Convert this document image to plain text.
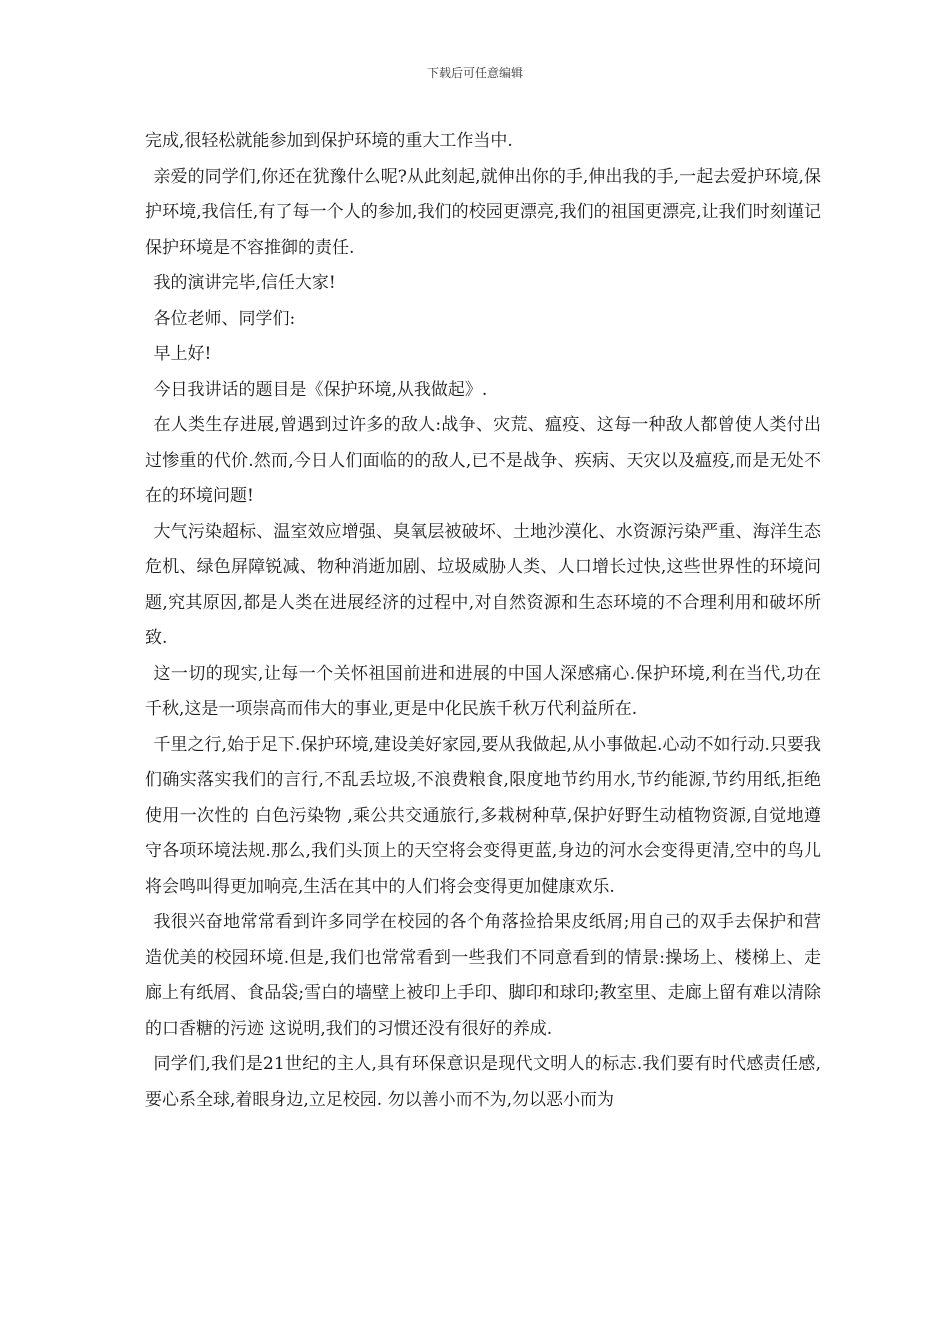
下载后可任意编辑

完成,很轻松就能参加到保护环境的重大工作当中.

亲爱的同学们,你还在犹豫什么呢?从此刻起,就伸出你的手,伸出我的手,一起去爱护环境,保护环境,我信任,有了每一个人的参加,我们的校园更漂亮,我们的祖国更漂亮,让我们时刻谨记保护环境是不容推御的责任.

我的演讲完毕,信任大家!

各位老师、同学们:

早上好!

今日我讲话的题目是《保护环境,从我做起》.

在人类生存进展,曾遇到过许多的敌人:战争、灾荒、瘟疫、这每一种敌人都曾使人类付出过惨重的代价.然而,今日人们面临的的敌人,已不是战争、疾病、天灾以及瘟疫,而是无处不在的环境问题!

大气污染超标、温室效应增强、臭氧层被破坏、土地沙漠化、水资源污染严重、海洋生态危机、绿色屏障锐减、物种消逝加剧、垃圾威胁人类、人口增长过快,这些世界性的环境问题,究其原因,都是人类在进展经济的过程中,对自然资源和生态环境的不合理利用和破坏所致.

这一切的现实,让每一个关怀祖国前进和进展的中国人深感痛心.保护环境,利在当代,功在千秋,这是一项崇高而伟大的事业,更是中化民族千秋万代利益所在.

千里之行,始于足下.保护环境,建设美好家园,要从我做起,从小事做起.心动不如行动.只要我们确实落实我们的言行,不乱丢垃圾,不浪费粮食,限度地节约用水,节约能源,节约用纸,拒绝使用一次性的 白色污染物 ,乘公共交通旅行,多栽树种草,保护好野生动植物资源,自觉地遵守各项环境法规.那么,我们头顶上的天空将会变得更蓝,身边的河水会变得更清,空中的鸟儿将会鸣叫得更加响亮,生活在其中的人们将会变得更加健康欢乐.

我很兴奋地常常看到许多同学在校园的各个角落捡拾果皮纸屑;用自己的双手去保护和营造优美的校园环境.但是,我们也常常看到一些我们不同意看到的情景:操场上、楼梯上、走廊上有纸屑、食品袋;雪白的墙壁上被印上手印、脚印和球印;教室里、走廊上留有难以清除的口香糖的污迹 这说明,我们的习惯还没有很好的养成.

同学们,我们是21世纪的主人,具有环保意识是现代文明人的标志.我们要有时代感责任感,要心系全球,着眼身边,立足校园. 勿以善小而不为,勿以恶小而为
